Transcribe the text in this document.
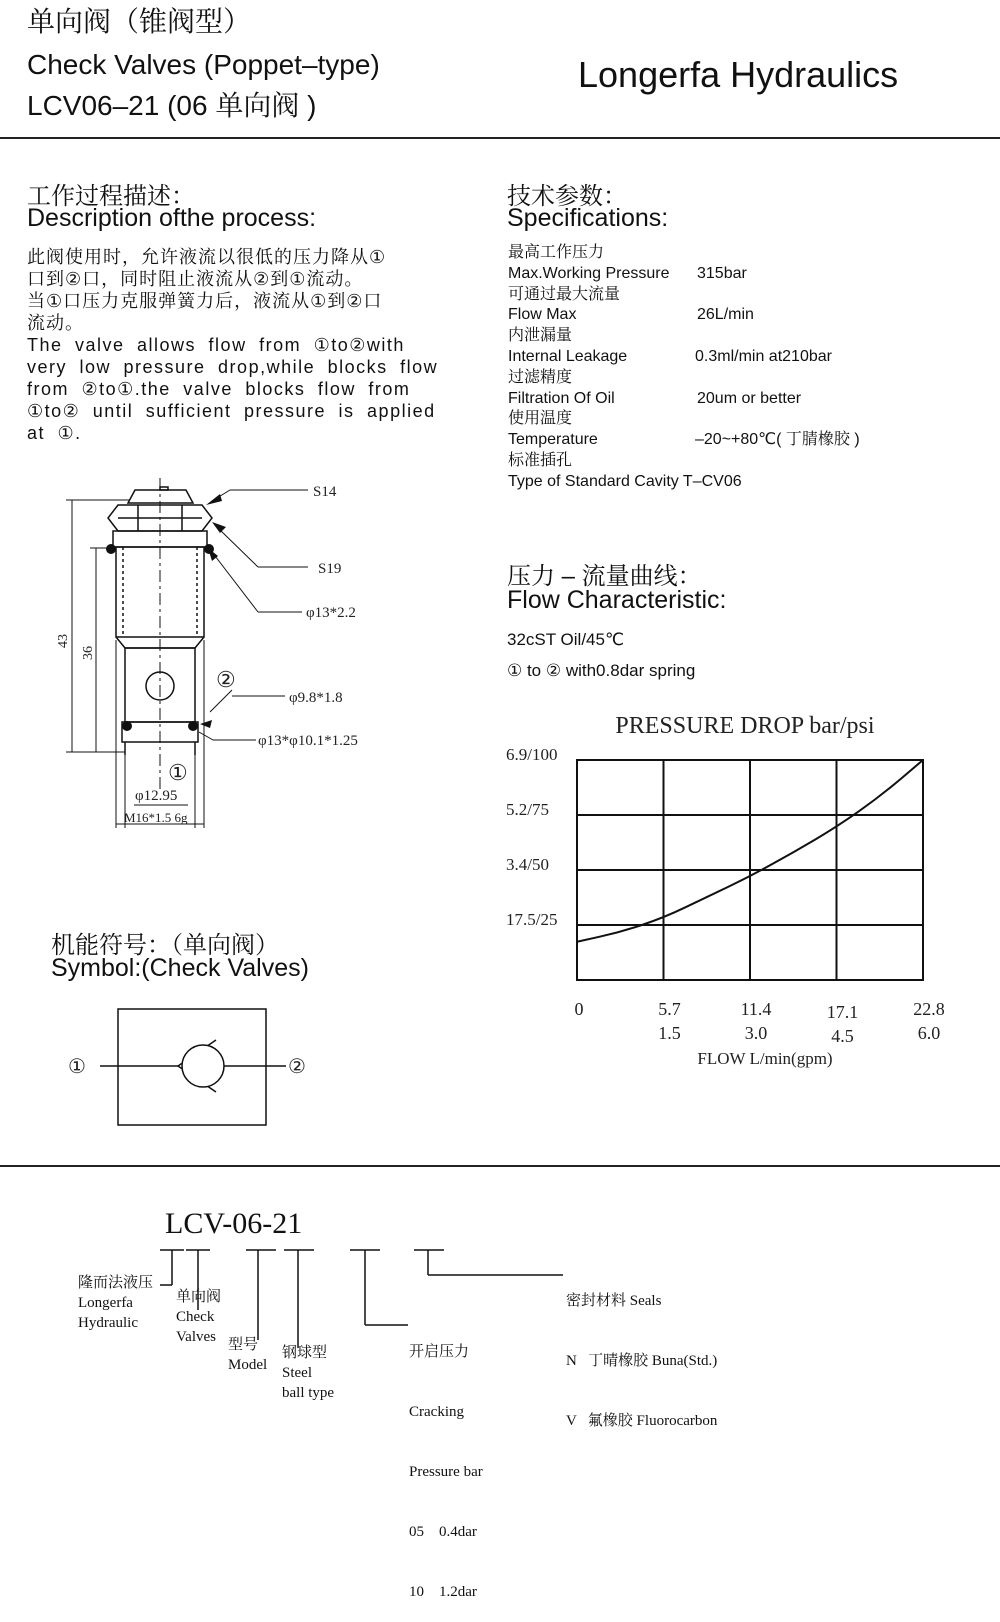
单向阀（锥阀型）
Check Valves (Poppet–type)
LCV06–21 (06 单向阀 )
Longerfa Hydraulics
工作过程描述：
Description ofthe process:
此阀使用时，允许液流以很低的压力降从①
口到②口，同时阻止液流从②到①流动。
当①口压力克服弹簧力后，液流从①到②口
流动。
The valve allows flow from ①to②with
very low pressure drop,while blocks flow
from ②to①.the valve blocks flow from
①to② until sufficient pressure is applied
at ①.
技术参数：
Specifications:
最高工作压力
Max.Working Pressure 315bar
可通过最大流量
Flow Max	26L/min
内泄漏量
Internal Leakage	0.3ml/min at210bar
过滤精度
Filtration Of Oil	20um or better
使用温度
Temperature	–20~+80℃( 丁腈橡胶 )
标准插孔
Type of Standard Cavity T–CV06
压力 – 流量曲线：
Flow Characteristic:
32cST Oil/45℃
① to ② with0.8dar spring
PRESSURE DROP bar/psi
6.9/100
5.2/75
3.4/50
17.5/25
0	5.7	11.4	17.1	22.8
1.5	3.0	4.5	6.0
FLOW L/min(gpm)
S14
S19
φ13*2.2
φ9.8*1.8
φ13*φ10.1*1.25
φ12.95
M16*1.5 6g
43
36
①
②
机能符号：（单向阀）
Symbol:(Check Valves)
①	②
LCV-06-21
隆而法液压
Longerfa
Hydraulic
单向阀
Check
Valves 型号
Model
钢球型
Steel
ball type

开启压力

Cracking

Pressure bar

05    0.4dar

10    1.2dar

密封材料 Seals

N   丁晴橡胶 Buna(Std.)

V   氟橡胶 Fluorocarbon
